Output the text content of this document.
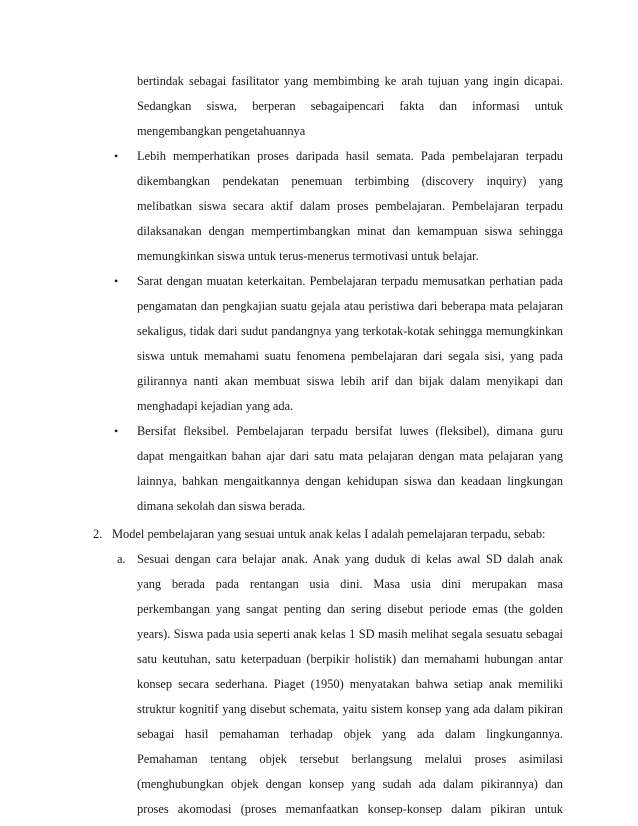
bertindak sebagai fasilitator yang membimbing ke arah tujuan yang ingin dicapai.
Sedangkan siswa, berperan sebagaipencari fakta dan informasi untuk
mengembangkan pengetahuannya
• Lebih memperhatikan proses daripada hasil semata. Pada pembelajaran terpadu
dikembangkan pendekatan penemuan terbimbing (discovery inquiry) yang
melibatkan siswa secara aktif dalam proses pembelajaran. Pembelajaran terpadu
dilaksanakan dengan mempertimbangkan minat dan kemampuan siswa sehingga
memungkinkan siswa untuk terus-menerus termotivasi untuk belajar.
• Sarat dengan muatan keterkaitan. Pembelajaran terpadu memusatkan perhatian pada
pengamatan dan pengkajian suatu gejala atau peristiwa dari beberapa mata pelajaran
sekaligus, tidak dari sudut pandangnya yang terkotak-kotak sehingga memungkinkan
siswa untuk memahami suatu fenomena pembelajaran dari segala sisi, yang pada
gilirannya nanti akan membuat siswa lebih arif dan bijak dalam menyikapi dan
menghadapi kejadian yang ada.
• Bersifat fleksibel. Pembelajaran terpadu bersifat luwes (fleksibel), dimana guru
dapat mengaitkan bahan ajar dari satu mata pelajaran dengan mata pelajaran yang
lainnya, bahkan mengaitkannya dengan kehidupan siswa dan keadaan lingkungan
dimana sekolah dan siswa berada.
2. Model pembelajaran yang sesuai untuk anak kelas I adalah pemelajaran terpadu, sebab:
a. Sesuai dengan cara belajar anak. Anak yang duduk di kelas awal SD dalah anak
yang berada pada rentangan usia dini. Masa usia dini merupakan masa
perkembangan yang sangat penting dan sering disebut periode emas (the golden
years). Siswa pada usia seperti anak kelas 1 SD masih melihat segala sesuatu sebagai
satu keutuhan, satu keterpaduan (berpikir holistik) dan memahami hubungan antar
konsep secara sederhana. Piaget (1950) menyatakan bahwa setiap anak memiliki
struktur kognitif yang disebut schemata, yaitu sistem konsep yang ada dalam pikiran
sebagai hasil pemahaman terhadap objek yang ada dalam lingkungannya.
Pemahaman tentang objek tersebut berlangsung melalui proses asimilasi
(menghubungkan objek dengan konsep yang sudah ada dalam pikirannya) dan
proses akomodasi (proses memanfaatkan konsep-konsep dalam pikiran untuk
